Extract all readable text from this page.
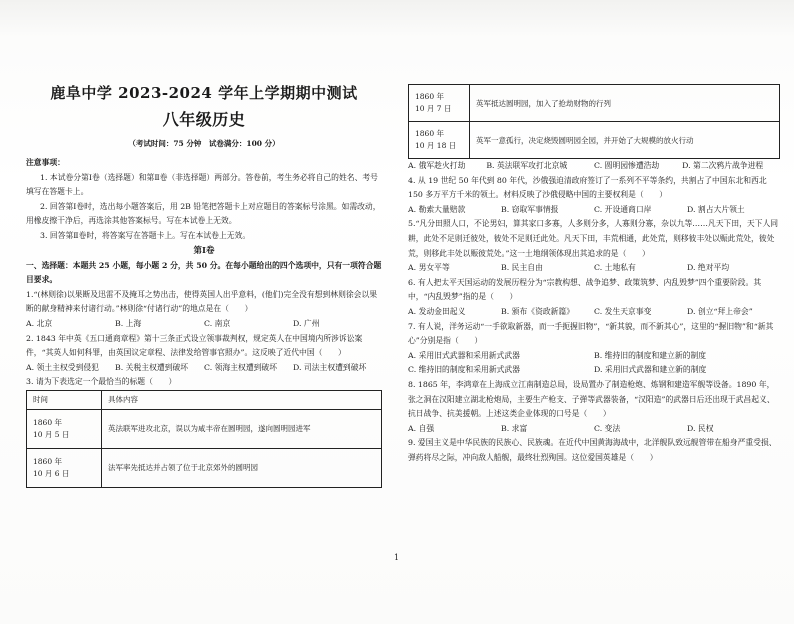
鹿阜中学 2023-2024 学年上学期期中测试
八年级历史
（考试时间：75 分钟　试卷满分：100 分）

注意事项：

1. 本试卷分第Ⅰ卷（选择题）和第Ⅱ卷（非选择题）两部分。答卷前，考生务必将自己的姓名、考号填写在答题卡上。

2. 回答第Ⅰ卷时，选出每小题答案后，用 2B 铅笔把答题卡上对应题目的答案标号涂黑。如需改动，用橡皮擦干净后，再选涂其他答案标号。写在本试卷上无效。

3. 回答第Ⅱ卷时，将答案写在答题卡上。写在本试卷上无效。

第Ⅰ卷

一、选择题：本题共 25 小题，每小题 2 分，共 50 分。在每小题给出的四个选项中，只有一项符合题目要求。

1.“(林则徐)以果断及迅雷不及掩耳之势出击，使得英国人出乎意料，(他们)完全没有想到林则徐会以果断的献身精神来付诸行动。”林则徐“付诸行动”的地点是在（　　）

A. 北京	B. 上海	C. 南京	D. 广州

2. 1843 年中英《五口通商章程》第十三条正式设立领事裁判权，规定英人在中国境内所涉诉讼案件，“其英人如何科罪，由英国议定章程、法律发给管事官照办”。这反映了近代中国（　　）

A. 领土主权受到侵犯	B. 关税主权遭到破坏	C. 领海主权遭到破坏	D. 司法主权遭到破坏

3. 请为下表选定一个最恰当的标题（　　）

时间	具体内容
1860 年
10 月 5 日	英法联军进攻北京，误以为咸丰帝在圆明园，遂向圆明园进军
1860 年
10 月 6 日	法军率先抵达并占领了位于北京郊外的圆明园
1860 年
10 月 7 日	英军抵达圆明园，加入了抢劫财物的行列
1860 年
10 月 18 日	英军一意孤行，决定烧毁圆明园全园，并开始了大规模的放火行动
A. 俄军趁火打劫	B. 英法联军攻打北京城	C. 圆明园惨遭浩劫	D. 第二次鸦片战争进程

4. 从 19 世纪 50 年代到 80 年代，沙俄强迫清政府签订了一系列不平等条约，共割占了中国东北和西北 150 多万平方千米的领土。材料反映了沙俄侵略中国的主要权利是（　　）

A. 勒索大量赔款	B. 窃取军事情报	C. 开设通商口岸	D. 割占大片领土

5.“凡分田照人口，不论男妇，算其家口多寡，人多则分多，人寡则分寡，杂以九等……凡天下田，天下人同耕，此处不足则迁彼处，彼处不足则迁此处。凡天下田，丰荒相通，此处荒，则移彼丰处以赈此荒处，彼处荒，则移此丰处以赈彼荒处。”这一土地纲领体现出其追求的是（　　）

A. 男女平等	B. 民主自由	C. 土地私有	D. 绝对平均

6. 有人把太平天国运动的发展历程分为“宗教构想、战争追梦、政策筑梦、内乱毁梦”四个重要阶段。其中，“内乱毁梦”指的是（　　）

A. 发动金田起义	B. 颁布《资政新篇》	C. 发生天京事变	D. 创立“拜上帝会”

7. 有人说，洋务运动“一手欲取新器，而一手扼握旧物”，“新其貌，而不新其心”，这里的“握旧物”和“新其心”分别是指（　　）

A. 采用旧式武器和采用新式武器	B. 维持旧的制度和建立新的制度
C. 维持旧的制度和采用新式武器	D. 采用旧式武器和建立新的制度

8. 1865 年，李鸿章在上海成立江南制造总局，设局置办了制造枪炮、炼钢和建造军舰等设备。1890 年，张之洞在汉阳建立湖北枪炮局，主要生产枪支、子弹等武器装备，“汉阳造”的武器日后还出现于武昌起义、抗日战争、抗美援朝。上述这类企业体现的口号是（　　）

A. 自强	B. 求富	C. 变法	D. 民权

9. 爱国主义是中华民族的民族心、民族魂。在近代中国黄海海战中，北洋舰队致远舰管带在船身严重受损、弹药将尽之际，冲向敌人船舰，最终壮烈殉国。这位爱国英雄是（　　）

1
